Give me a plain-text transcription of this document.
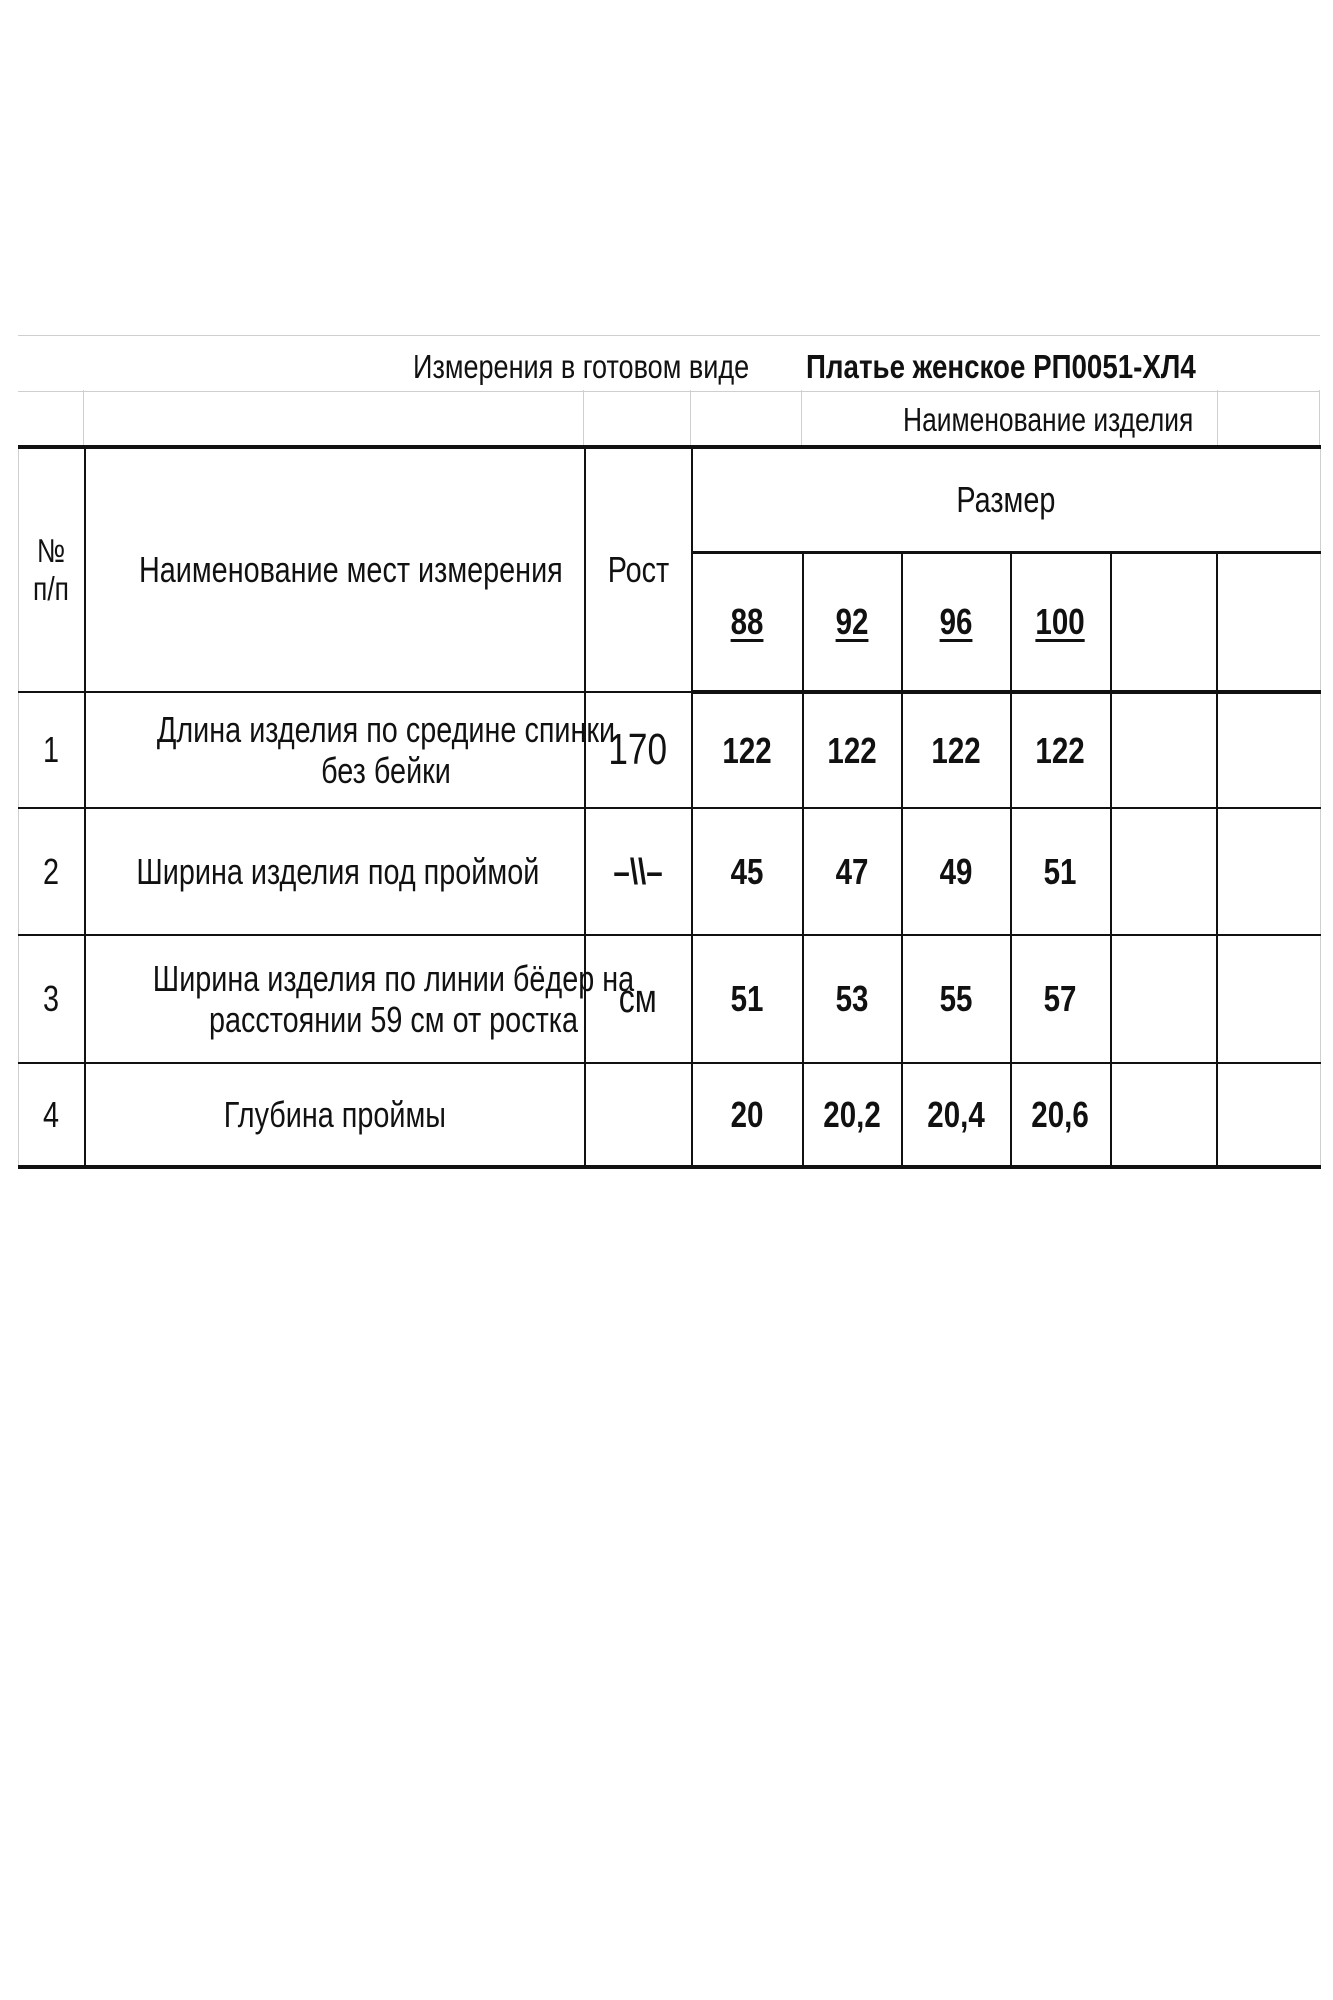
Измерения в готовом виде Платье женское РП0051-ХЛ4
Наименование изделия
№ п/п	Наименование мест измерения	Рост	Размер					
			88	92	96	100		
1	Длина изделия по средине спинки без бейки	170	122	122	122	122		
2	Ширина изделия под проймой	–\\–	45	47	49	51		
3	Ширина изделия по линии бёдер на расстоянии 59 см от ростка	см	51	53	55	57		
4	Глубина проймы		20	20,2	20,4	20,6		
